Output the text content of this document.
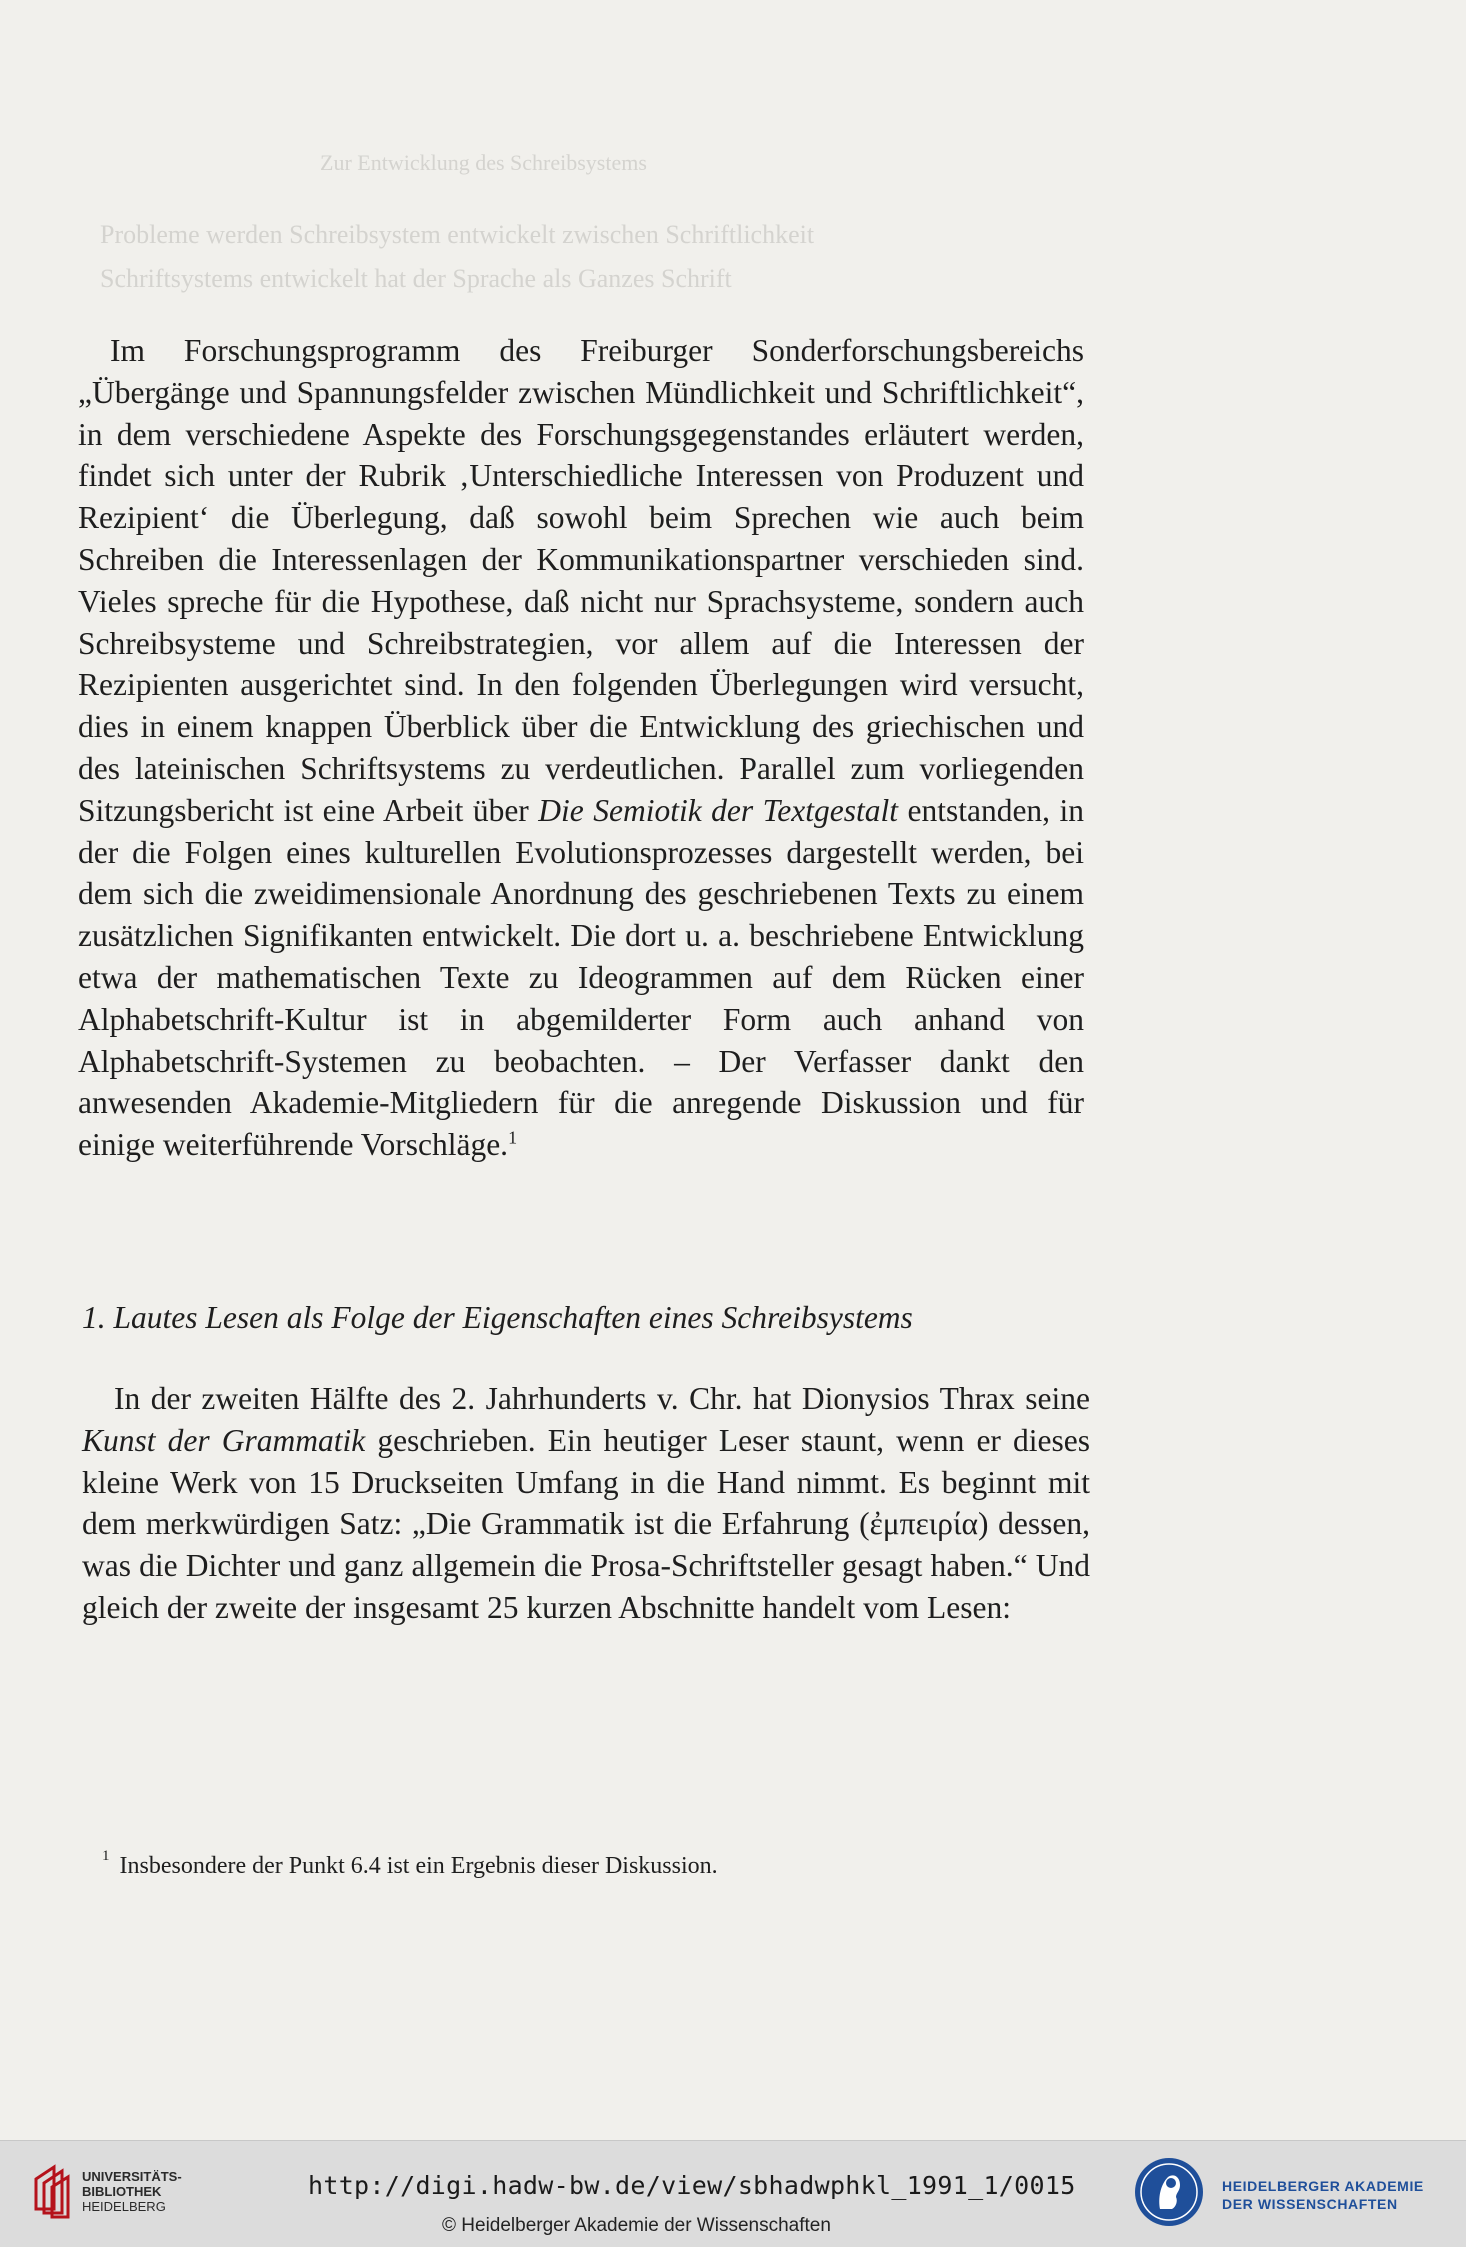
Zur Entwicklung des Schreibsystems
Probleme werden Schreibsystem entwickelt zwischen Schriftlichkeit
Schriftsystems entwickelt hat der Sprache als Ganzes Schrift
Im Forschungsprogramm des Freiburger Sonderforschungsbereichs „Übergänge und Spannungsfelder zwischen Mündlichkeit und Schriftlichkeit“, in dem verschiedene Aspekte des Forschungsgegenstandes erläutert werden, findet sich unter der Rubrik ‚Unterschiedliche Interessen von Produzent und Rezipient‘ die Überlegung, daß sowohl beim Sprechen wie auch beim Schreiben die Interessenlagen der Kommunikationspartner verschieden sind. Vieles spreche für die Hypothese, daß nicht nur Sprachsysteme, sondern auch Schreibsysteme und Schreibstrategien, vor allem auf die Interessen der Rezipienten ausgerichtet sind. In den folgenden Überlegungen wird versucht, dies in einem knappen Überblick über die Entwicklung des griechischen und des lateinischen Schriftsystems zu verdeutlichen. Parallel zum vorliegenden Sitzungsbericht ist eine Arbeit über Die Semiotik der Textgestalt entstanden, in der die Folgen eines kulturellen Evolutionsprozesses dargestellt werden, bei dem sich die zweidimensionale Anordnung des geschriebenen Texts zu einem zusätzlichen Signifikanten entwickelt. Die dort u. a. beschriebene Entwicklung etwa der mathematischen Texte zu Ideogrammen auf dem Rücken einer Alphabetschrift-Kultur ist in abgemilderter Form auch anhand von Alphabetschrift-Systemen zu beobachten. – Der Verfasser dankt den anwesenden Akademie-Mitgliedern für die anregende Diskussion und für einige weiterführende Vorschläge.$^1$
1. Lautes Lesen als Folge der Eigenschaften eines Schreibsystems
In der zweiten Hälfte des 2. Jahrhunderts v. Chr. hat Dionysios Thrax seine Kunst der Grammatik geschrieben. Ein heutiger Leser staunt, wenn er dieses kleine Werk von 15 Druckseiten Umfang in die Hand nimmt. Es beginnt mit dem merkwürdigen Satz: „Die Grammatik ist die Erfahrung (ἐμπειρία) dessen, was die Dichter und ganz allgemein die Prosa-Schriftsteller gesagt haben.“ Und gleich der zweite der insgesamt 25 kurzen Abschnitte handelt vom Lesen:
$^1$ Insbesondere der Punkt 6.4 ist ein Ergebnis dieser Diskussion.
UNIVERSITÄTS-
BIBLIOTHEK
HEIDELBERG
http://digi.hadw-bw.de/view/sbhadwphkl_1991_1/0015
© Heidelberger Akademie der Wissenschaften
HEIDELBERGER AKADEMIE
DER WISSENSCHAFTEN
